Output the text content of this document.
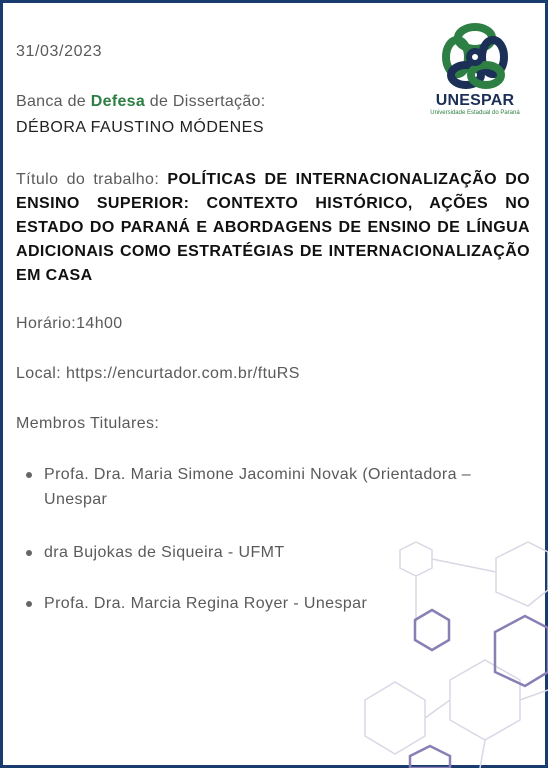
31/03/2023
UNESPAR
Universidade Estadual do Paraná
Banca de Defesa de Dissertação:
DÉBORA FAUSTINO MÓDENES
Título do trabalho: POLÍTICAS DE INTERNACIONALIZAÇÃO DO ENSINO SUPERIOR: CONTEXTO HISTÓRICO, AÇÕES NO ESTADO DO PARANÁ E ABORDAGENS DE ENSINO DE LÍNGUA ADICIONAIS COMO ESTRATÉGIAS DE INTERNACIONALIZAÇÃO EM CASA
Horário:14h00
Local: https://encurtador.com.br/ftuRS
Membros Titulares:
Profa. Dra. Maria Simone Jacomini Novak (Orientadora – Unespar
dra Bujokas de Siqueira - UFMT
Profa. Dra. Marcia Regina Royer - Unespar
